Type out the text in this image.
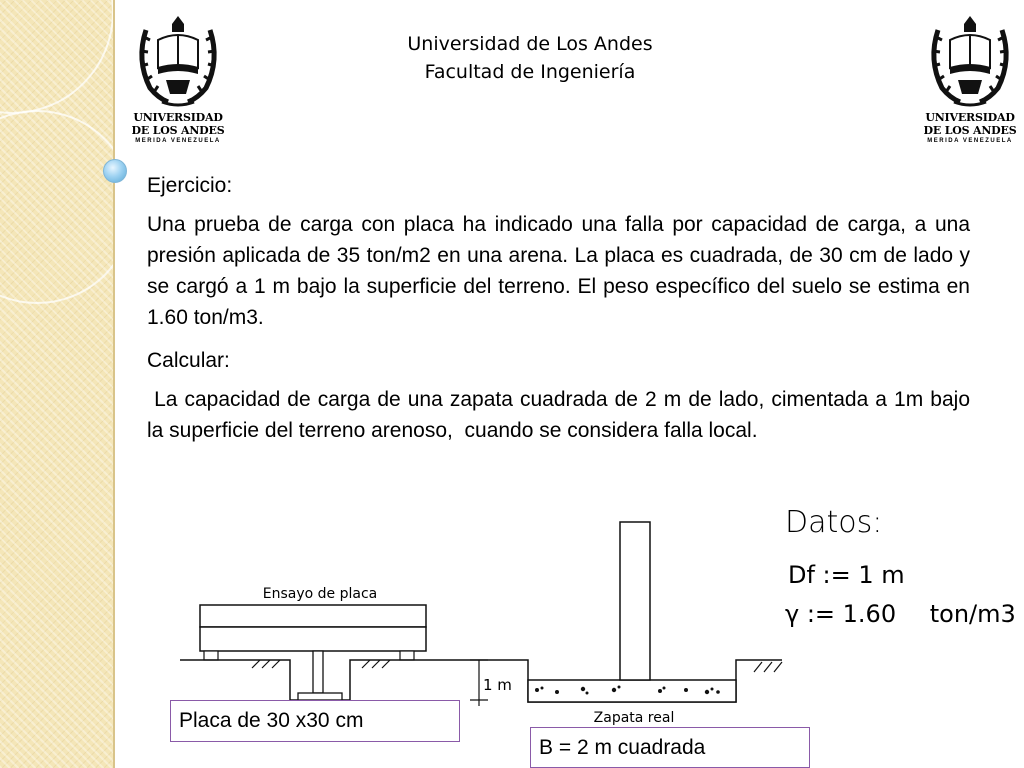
UNIVERSIDAD
DE LOS ANDES
MERIDA VENEZUELA
UNIVERSIDAD
DE LOS ANDES
MERIDA VENEZUELA
Universidad de Los Andes
Facultad de Ingeniería

Ejercicio:

Una prueba de carga con placa ha indicado una falla por capacidad de carga, a una presión aplicada de 35 ton/m2 en una arena. La placa es cuadrada, de 30 cm de lado y se cargó a 1 m bajo la superficie del terreno. El peso específico del suelo se estima en 1.60 ton/m3.

Calcular:

La capacidad de carga de una zapata cuadrada de 2 m de lado, cimentada a 1m bajo la superficie del terreno arenoso,  cuando se considera falla local.

Ensayo de placa
1 m
Zapata real
Datos:
Df := 1 m
γ := 1.60 ton/m3
Placa de 30 x30 cm
B = 2 m cuadrada
